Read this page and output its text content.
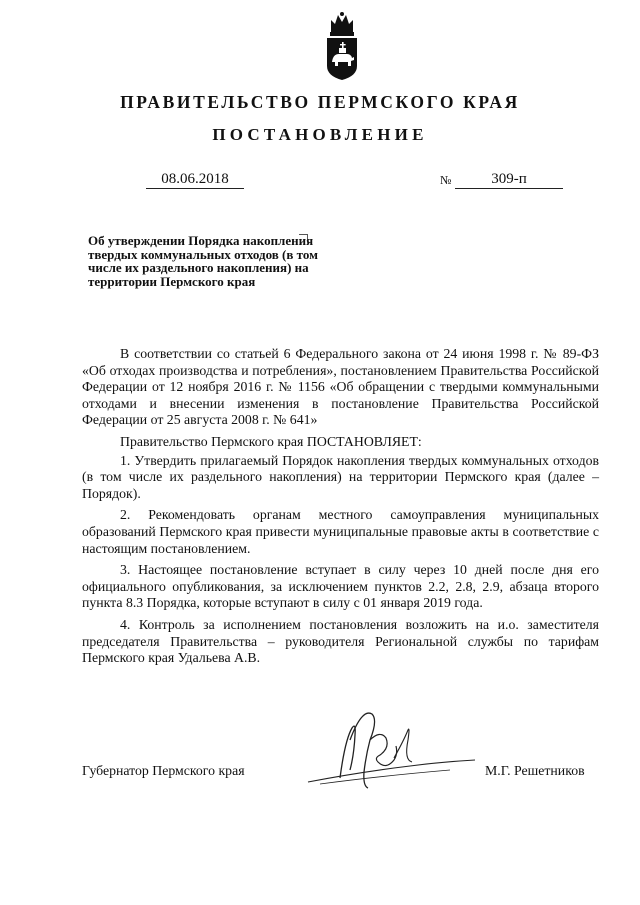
ПРАВИТЕЛЬСТВО ПЕРМСКОГО КРАЯ
ПОСТАНОВЛЕНИЕ
08.06.2018	№	309-п
Об утверждении Порядка накопления твердых коммунальных отходов (в том числе их раздельного накопления) на территории Пермского края

В соответствии со статьей 6 Федерального закона от 24 июня 1998 г. № 89-ФЗ «Об отходах производства и потребления», постановлением Правительства Российской Федерации от 12 ноября 2016 г. № 1156 «Об обращении с твердыми коммунальными отходами и внесении изменения в постановление Правительства Российской Федерации от 25 августа 2008 г. № 641»

Правительство Пермского края ПОСТАНОВЛЯЕТ:

1. Утвердить прилагаемый Порядок накопления твердых коммунальных отходов (в том числе их раздельного накопления) на территории Пермского края (далее – Порядок).

2. Рекомендовать органам местного самоуправления муниципальных образований Пермского края привести муниципальные правовые акты в соответствие с настоящим постановлением.

3. Настоящее постановление вступает в силу через 10 дней после дня его официального опубликования, за исключением пунктов 2.2, 2.8, 2.9, абзаца второго пункта 8.3 Порядка, которые вступают в силу с 01 января 2019 года.

4. Контроль за исполнением постановления возложить на и.о. заместителя председателя Правительства – руководителя Региональной службы по тарифам Пермского края Удальева А.В.

Губернатор Пермского края	М.Г. Решетников
